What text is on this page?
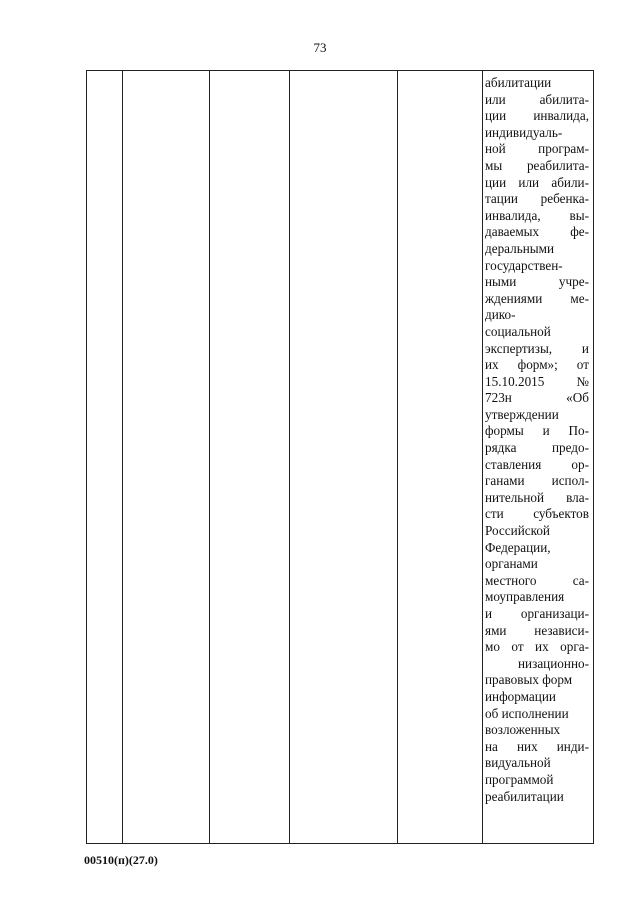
73
абилитации
или абилита-
ции инвалида,
индивидуаль-
ной програм-
мы реабилита-
ции или абили-
тации ребенка-
инвалида, вы-
даваемых фе-
деральными
государствен-
ными учре-
ждениями ме-
дико-
социальной
экспертизы, и
их форм»; от
15.10.2015 №
723н «Об
утверждении
формы и По-
рядка предо-
ставления ор-
ганами испол-
нительной вла-
сти субъектов
Российской
Федерации,
органами
местного са-
моуправления
и организаци-
ями независи-
мо от их орга-
низационно-
правовых форм
информации
об исполнении
возложенных
на них инди-
видуальной
программой
реабилитации
00510(п)(27.0)
